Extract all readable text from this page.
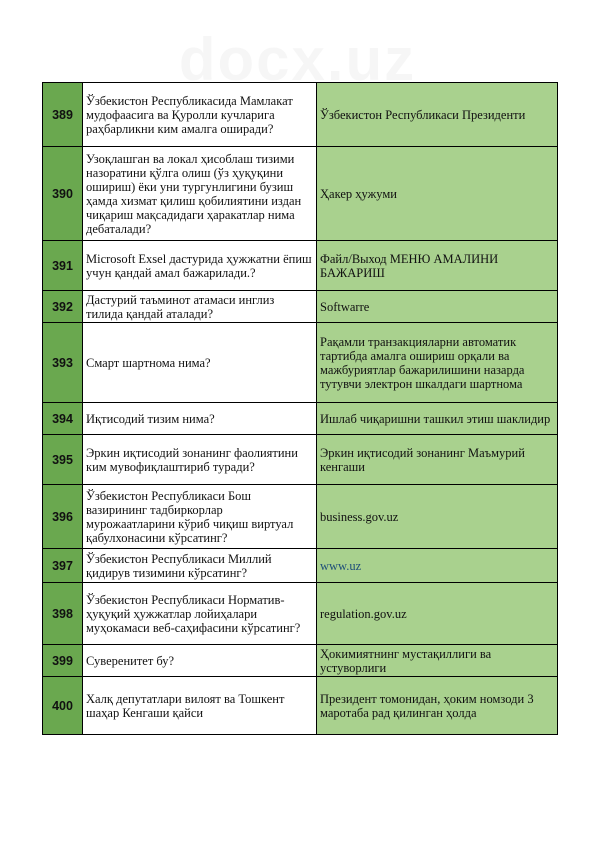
389	Ўзбекистон Республикасида Мамлакат мудофаасига ва Қуролли кучларига раҳбарликни ким амалга оширади?	Ўзбекистон Республикаси Президенти
390	Узоқлашган ва локал ҳисоблаш тизими назоратини қўлга олиш (ўз ҳуқуқини ошириш) ёки уни тургунлигини бузиш ҳамда хизмат қилиш қобилиятини издан чиқариш мақсадидаги ҳаракатлар нима дебаталади?	Ҳакер ҳужуми
391	Microsoft Exsel дастурида ҳужжатни ёпиш учун қандай амал бажарилади.?	Файл/Выход МЕНЮ АМАЛИНИ БАЖАРИШ
392	Дастурий таъминот атамаси инглиз тилида қандай аталади?	Softwarre
393	Смарт шартнома нима?	Рақамли транзакцияларни автоматик тартибда амалга ошириш орқали ва мажбуриятлар бажарилишини назарда тутувчи электрон шкалдаги шартнома
394	Иқтисодий тизим нима?	Ишлаб чиқаришни ташкил этиш шаклидир
395	Эркин иқтисодий зонанинг фаолиятини ким мувофиқлаштириб туради?	Эркин иқтисодий зонанинг Маъмурий кенгаши
396	Ўзбекистон Республикаси Бош вазирининг тадбиркорлар мурожаатларини кўриб чиқиш виртуал қабулхонасини кўрсатинг?	business.gov.uz
397	Ўзбекистон Республикаси Миллий қидирув тизимини кўрсатинг?	www.uz
398	Ўзбекистон Республикаси Норматив-ҳуқуқий ҳужжатлар лойиҳалари муҳокамаси веб-саҳифасини кўрсатинг?	regulation.gov.uz
399	Суверенитет бу?	Ҳокимиятнинг мустақиллиги ва устуворлиги
400	Халқ депутатлари вилоят ва Тошкент шаҳар Кенгаши қайси	Президент томонидан, ҳоким номзоди 3 маротаба рад қилинган ҳолда
